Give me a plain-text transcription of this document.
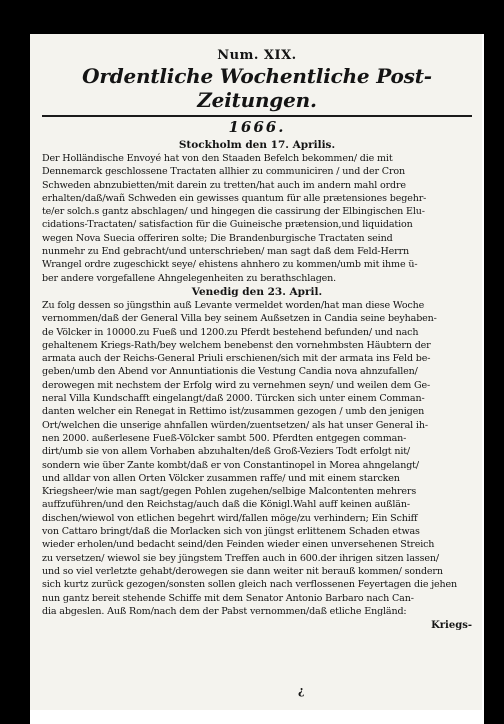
Num. XIX.
Ordentliche Wochentliche Post-Zeitungen.
1666.
Stockholm den 17. Aprilis.
Der Holländische Envoyé hat von den Staaden Befelch bekommen/ die mit
Dennemarck geschlossene Tractaten allhier zu communiciren / und der Cron
Schweden abnzubietten/mit darein zu tretten/hat auch im andern mahl ordre
erhalten/daß/wañ Schweden ein gewisses quantum für alle prætensiones begehr-
te/er solch.s gantz abschlagen/ und hingegen die cassirung der Elbingischen Elu-
cidations-Tractaten/ satisfaction für die Guineische prætension,und liquidation
wegen Nova Suecia offeriren solte; Die Brandenburgische Tractaten seind
nunmehr zu End gebracht/und unterschrieben/ man sagt daß dem Feld-Herrn
Wrangel ordre zugeschickt seye/ ehistens ahnhero zu kommen/umb mit ihme ü-
ber andere vorgefallene Ahngelegenheiten zu berathschlagen.
Venedig den 23. April.
Zu folg dessen so jüngsthin auß Levante vermeldet worden/hat man diese Woche
vernommen/daß der General Villa bey seinem Außsetzen in Candia seine beyhaben-
de Völcker in 10000.zu Fueß und 1200.zu Pferdt bestehend befunden/ und nach
gehaltenem Kriegs-Rath/bey welchem benebenst den vornehmbsten Häubtern der
armata auch der Reichs-General Priuli erschienen/sich mit der armata ins Feld be-
geben/umb den Abend vor Annuntiationis die Vestung Candia nova ahnzufallen/
derowegen mit nechstem der Erfolg wird zu vernehmen seyn/ und weilen dem Ge-
neral Villa Kundschafft eingelangt/daß 2000. Türcken sich unter einem Comman-
danten welcher ein Renegat in Rettimo ist/zusammen gezogen / umb den jenigen
Ort/welchen die unserige ahnfallen würden/zuentsetzen/ als hat unser General ih-
nen 2000. außerlesene Fueß-Völcker sambt 500. Pferdten entgegen comman-
dirt/umb sie von allem Vorhaben abzuhalten/deß Groß-Veziers Todt erfolgt nit/
sondern wie über Zante kombt/daß er von Constantinopel in Morea ahngelangt/
und alldar von allen Orten Völcker zusammen raffe/ und mit einem starcken
Kriegsheer/wie man sagt/gegen Pohlen zugehen/selbige Malcontenten mehrers
auffzuführen/und den Reichstag/auch daß die Königl.Wahl auff keinen außlän-
dischen/wiewol von etlichen begehrt wird/fallen möge/zu verhindern; Ein Schiff
von Cattaro bringt/daß die Morlacken sich von jüngst erlittenem Schaden etwas
wieder erholen/und bedacht seind/den Feinden wieder einen unversehenen Streich
zu versetzen/ wiewol sie bey jüngstem Treffen auch in 600.der ihrigen sitzen lassen/
und so viel verletzte gehabt/derowegen sie dann weiter nit berauß kommen/ sondern
sich kurtz zurück gezogen/sonsten sollen gleich nach verflossenen Feyertagen die jehen
nun gantz bereit stehende Schiffe mit dem Senator Antonio Barbaro nach Can-
dia abgeslen. Auß Rom/nach dem der Pabst vernommen/daß etliche Engländ:
Kriegs-
¿
